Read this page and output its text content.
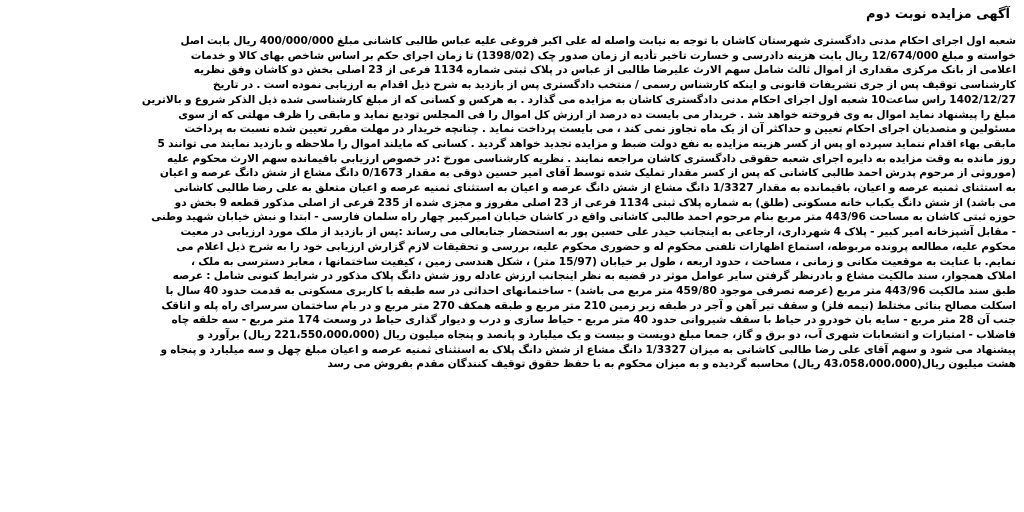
آگهی مزایده نوبت دوم
شعبه اول اجرای احکام مدنی دادگستری شهرستان کاشان با توجه به نیابت واصله له علی اکبر فروغی علیه عباس طالبی کاشانی مبلغ 400/000/000 ریال بابت اصل
خواسته و مبلغ 12/674/000 ریال بابت هزینه دادرسی و خسارت تاخیر تأدیه از زمان صدور چک (1398/02) تا زمان اجرای حکم بر اساس شاخص بهای کالا و خدمات
اعلامی از بانک مرکزی مقداری از اموال ثالث شامل سهم الارث علیرضا طالبی از عباس در پلاک ثبتی شماره 1134 فرعی از 23 اصلی بخش دو کاشان وفق نظریه
کارشناسی توقیف پس از جری تشریفات قانونی و اینکه کارشناس رسمی / منتخب دادگستری پس از بازدید به شرح ذیل اقدام به ارزیابی نموده است . در تاریخ
1402/12/27 راس ساعت10 شعبه اول اجرای احکام مدنی دادگستری کاشان به مزایده می گذارد . به هرکس و کسانی که از مبلغ کارشناسی شده ذیل الذکر شروع و بالاترین
مبلغ را پیشنهاد نماید اموال به وی فروخته خواهد شد . خریدار می بایست ده درصد از ارزش کل اموال را فی المجلس تودیع نماید و مابقی را ظرف مهلتی که از سوی
مسئولین و متصدیان اجرای احکام تعیین و حداکثر آن از یک ماه تجاوز نمی کند ، می بایست پرداخت نماید . چنانچه خریدار در مهلت مقرر تعیین شده نسبت به پرداخت
مابقی بهاء اقدام ننماید سپرده او پس از کسر هزینه مزایده به نفع دولت ضبط و مزایده تجدید خواهد گردید . کسانی که مایلند اموال را ملاحظه و بازدید نمایند می توانند 5
روز مانده به وقت مزایده به دایره اجرای شعبه حقوقی دادگستری کاشان مراجعه نمایند . نظریه کارشناسی مورخ :در خصوص ارزیابی باقیمانده سهم الارث محکوم علیه
(موروثی از مرحوم پدرش احمد طالبی کاشانی که پس از کسر مقدار تملیک شده توسط آقای امیر حسین ذوقی به مقدار 0/1673 دانگ مشاع از شش دانگ عرصه و اعیان
به استثنای ثمنیه عرصه و اعیان، باقیمانده به مقدار 1/3327 دانگ مشاع از شش دانگ عرصه و اعیان به استثنای ثمنیه عرصه و اعیان متعلق به علی رضا طالبی کاشانی
می باشد) از شش دانگ یکباب خانه مسکونی (طلق) به شماره پلاک ثبتی 1134 فرعی از 23 اصلی مفروز و مجزی شده از 235 فرعی از اصلی مذکور قطعه 9 بخش دو
حوزه ثبتی کاشان به مساحت 443/96 متر مربع بنام مرحوم احمد طالبی کاشانی واقع در کاشان خیابان امیرکبیر چهار راه سلمان فارسی - ابتدا و نبش خیابان شهید وطنی
- مقابل آشپزخانه امیر کبیر - پلاک 4 شهرداری، ارجاعی به اینجانب حیدر علی حسین پور به استحضار جنابعالی می رساند :پس از بازدید از ملک مورد ارزیابی در معیت
محکوم علیه، مطالعه پرونده مربوطه، استماع اظهارات تلفنی محکوم له و حضوری محکوم علیه، بررسی و تحقیقات لازم گزارش ارزیابی خود را به شرح ذیل اعلام می
نمایم. با عنایت به موقعیت مکانی و زمانی ، مساحت ، حدود اربعه ، طول بر خیابان (15/97 متر) ، شکل هندسی زمین ، کیفیت ساختمانها ، معابر دسترسی به ملک ،
املاک همجوار، سند مالکیت مشاع و بادرنظر گرفتن سایر عوامل موثر در قضیه به نظر اینجانب ارزش عادله روز شش دانگ پلاک مذکور در شرایط کنونی شامل : عرصه
طبق سند مالکیت 443/96 متر مربع (عرصه تصرفی موجود 459/80 متر مربع می باشد) - ساختمانهای احداثی در سه طبقه با کاربری مسکونی به قدمت حدود 40 سال با
اسکلت مصالح بنائی مختلط (نیمه فلز) و سقف تیر آهن و آجر در طبقه زیر زمین 210 متر مربع و طبقه همکف 270 متر مربع و در بام ساختمان سرسرای راه پله و اتاقک
جنب آن 28 متر مربع - سایه بان خودرو در حیاط با سقف شیروانی حدود 40 متر مربع - حیاط سازی و درب و دیوار گذاری حیاط در وسعت 174 متر مربع - سه حلقه چاه
فاضلاب - امتیازات و انشعابات شهری آب، دو برق و گاز، جمعا مبلغ دویست و بیست و یک میلیارد و پانصد و پنجاه میلیون ریال (221،550،000،000 ریال) برآورد و
پیشنهاد می شود و سهم آقای علی رضا طالبی کاشانی به میزان 1/3327 دانگ مشاع از شش دانگ پلاک به استثنای ثمنیه عرصه و اعیان مبلغ چهل و سه میلیارد و پنجاه و
هشت میلیون ریال(43،058،000،000 ریال) محاسبه گردیده و به میزان محکوم به با حفظ حقوق توقیف کنندگان مقدم بفروش می رسد
